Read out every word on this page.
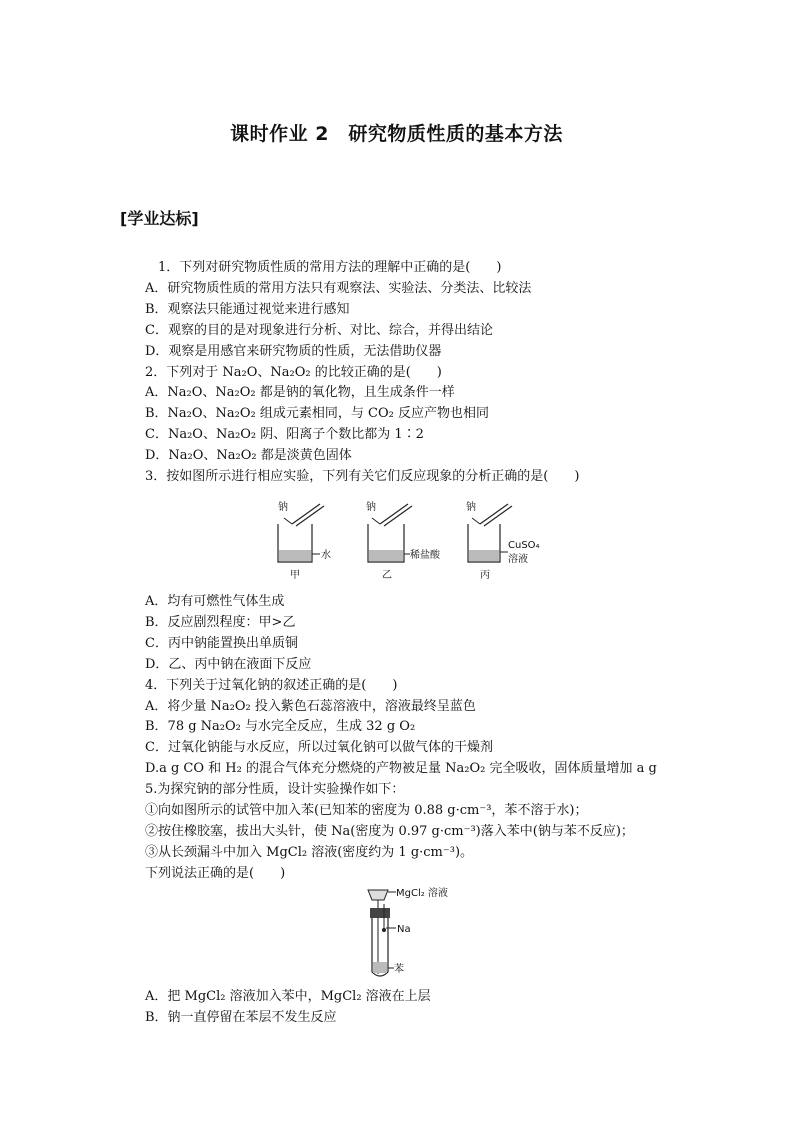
课时作业 2　研究物质性质的基本方法
[学业达标]
　1．下列对研究物质性质的常用方法的理解中正确的是(　　)
A．研究物质性质的常用方法只有观察法、实验法、分类法、比较法
B．观察法只能通过视觉来进行感知
C．观察的目的是对现象进行分析、对比、综合，并得出结论
D．观察是用感官来研究物质的性质，无法借助仪器
2．下列对于 Na₂O、Na₂O₂ 的比较正确的是(　　)
A．Na₂O、Na₂O₂ 都是钠的氧化物，且生成条件一样
B．Na₂O、Na₂O₂ 组成元素相同，与 CO₂ 反应产物也相同
C．Na₂O、Na₂O₂ 阴、阳离子个数比都为 1∶2
D．Na₂O、Na₂O₂ 都是淡黄色固体
3．按如图所示进行相应实验，下列有关它们反应现象的分析正确的是(　　)
钠
水
甲
钠
稀盐酸
乙
钠
CuSO₄
溶液
丙
A．均有可燃性气体生成
B．反应剧烈程度：甲>乙
C．丙中钠能置换出单质铜
D．乙、丙中钠在液面下反应
4．下列关于过氧化钠的叙述正确的是(　　)
A．将少量 Na₂O₂ 投入紫色石蕊溶液中，溶液最终呈蓝色
B．78 g Na₂O₂ 与水完全反应，生成 32 g O₂
C．过氧化钠能与水反应，所以过氧化钠可以做气体的干燥剂
D.a g CO 和 H₂ 的混合气体充分燃烧的产物被足量 Na₂O₂ 完全吸收，固体质量增加 a g
5.为探究钠的部分性质，设计实验操作如下：
①向如图所示的试管中加入苯(已知苯的密度为 0.88 g·cm⁻³，苯不溶于水)；
②按住橡胶塞，拔出大头针，使 Na(密度为 0.97 g·cm⁻³)落入苯中(钠与苯不反应)；
③从长颈漏斗中加入 MgCl₂ 溶液(密度约为 1 g·cm⁻³)。
下列说法正确的是(　　)
MgCl₂ 溶液
Na
苯
A．把 MgCl₂ 溶液加入苯中，MgCl₂ 溶液在上层
B．钠一直停留在苯层不发生反应
